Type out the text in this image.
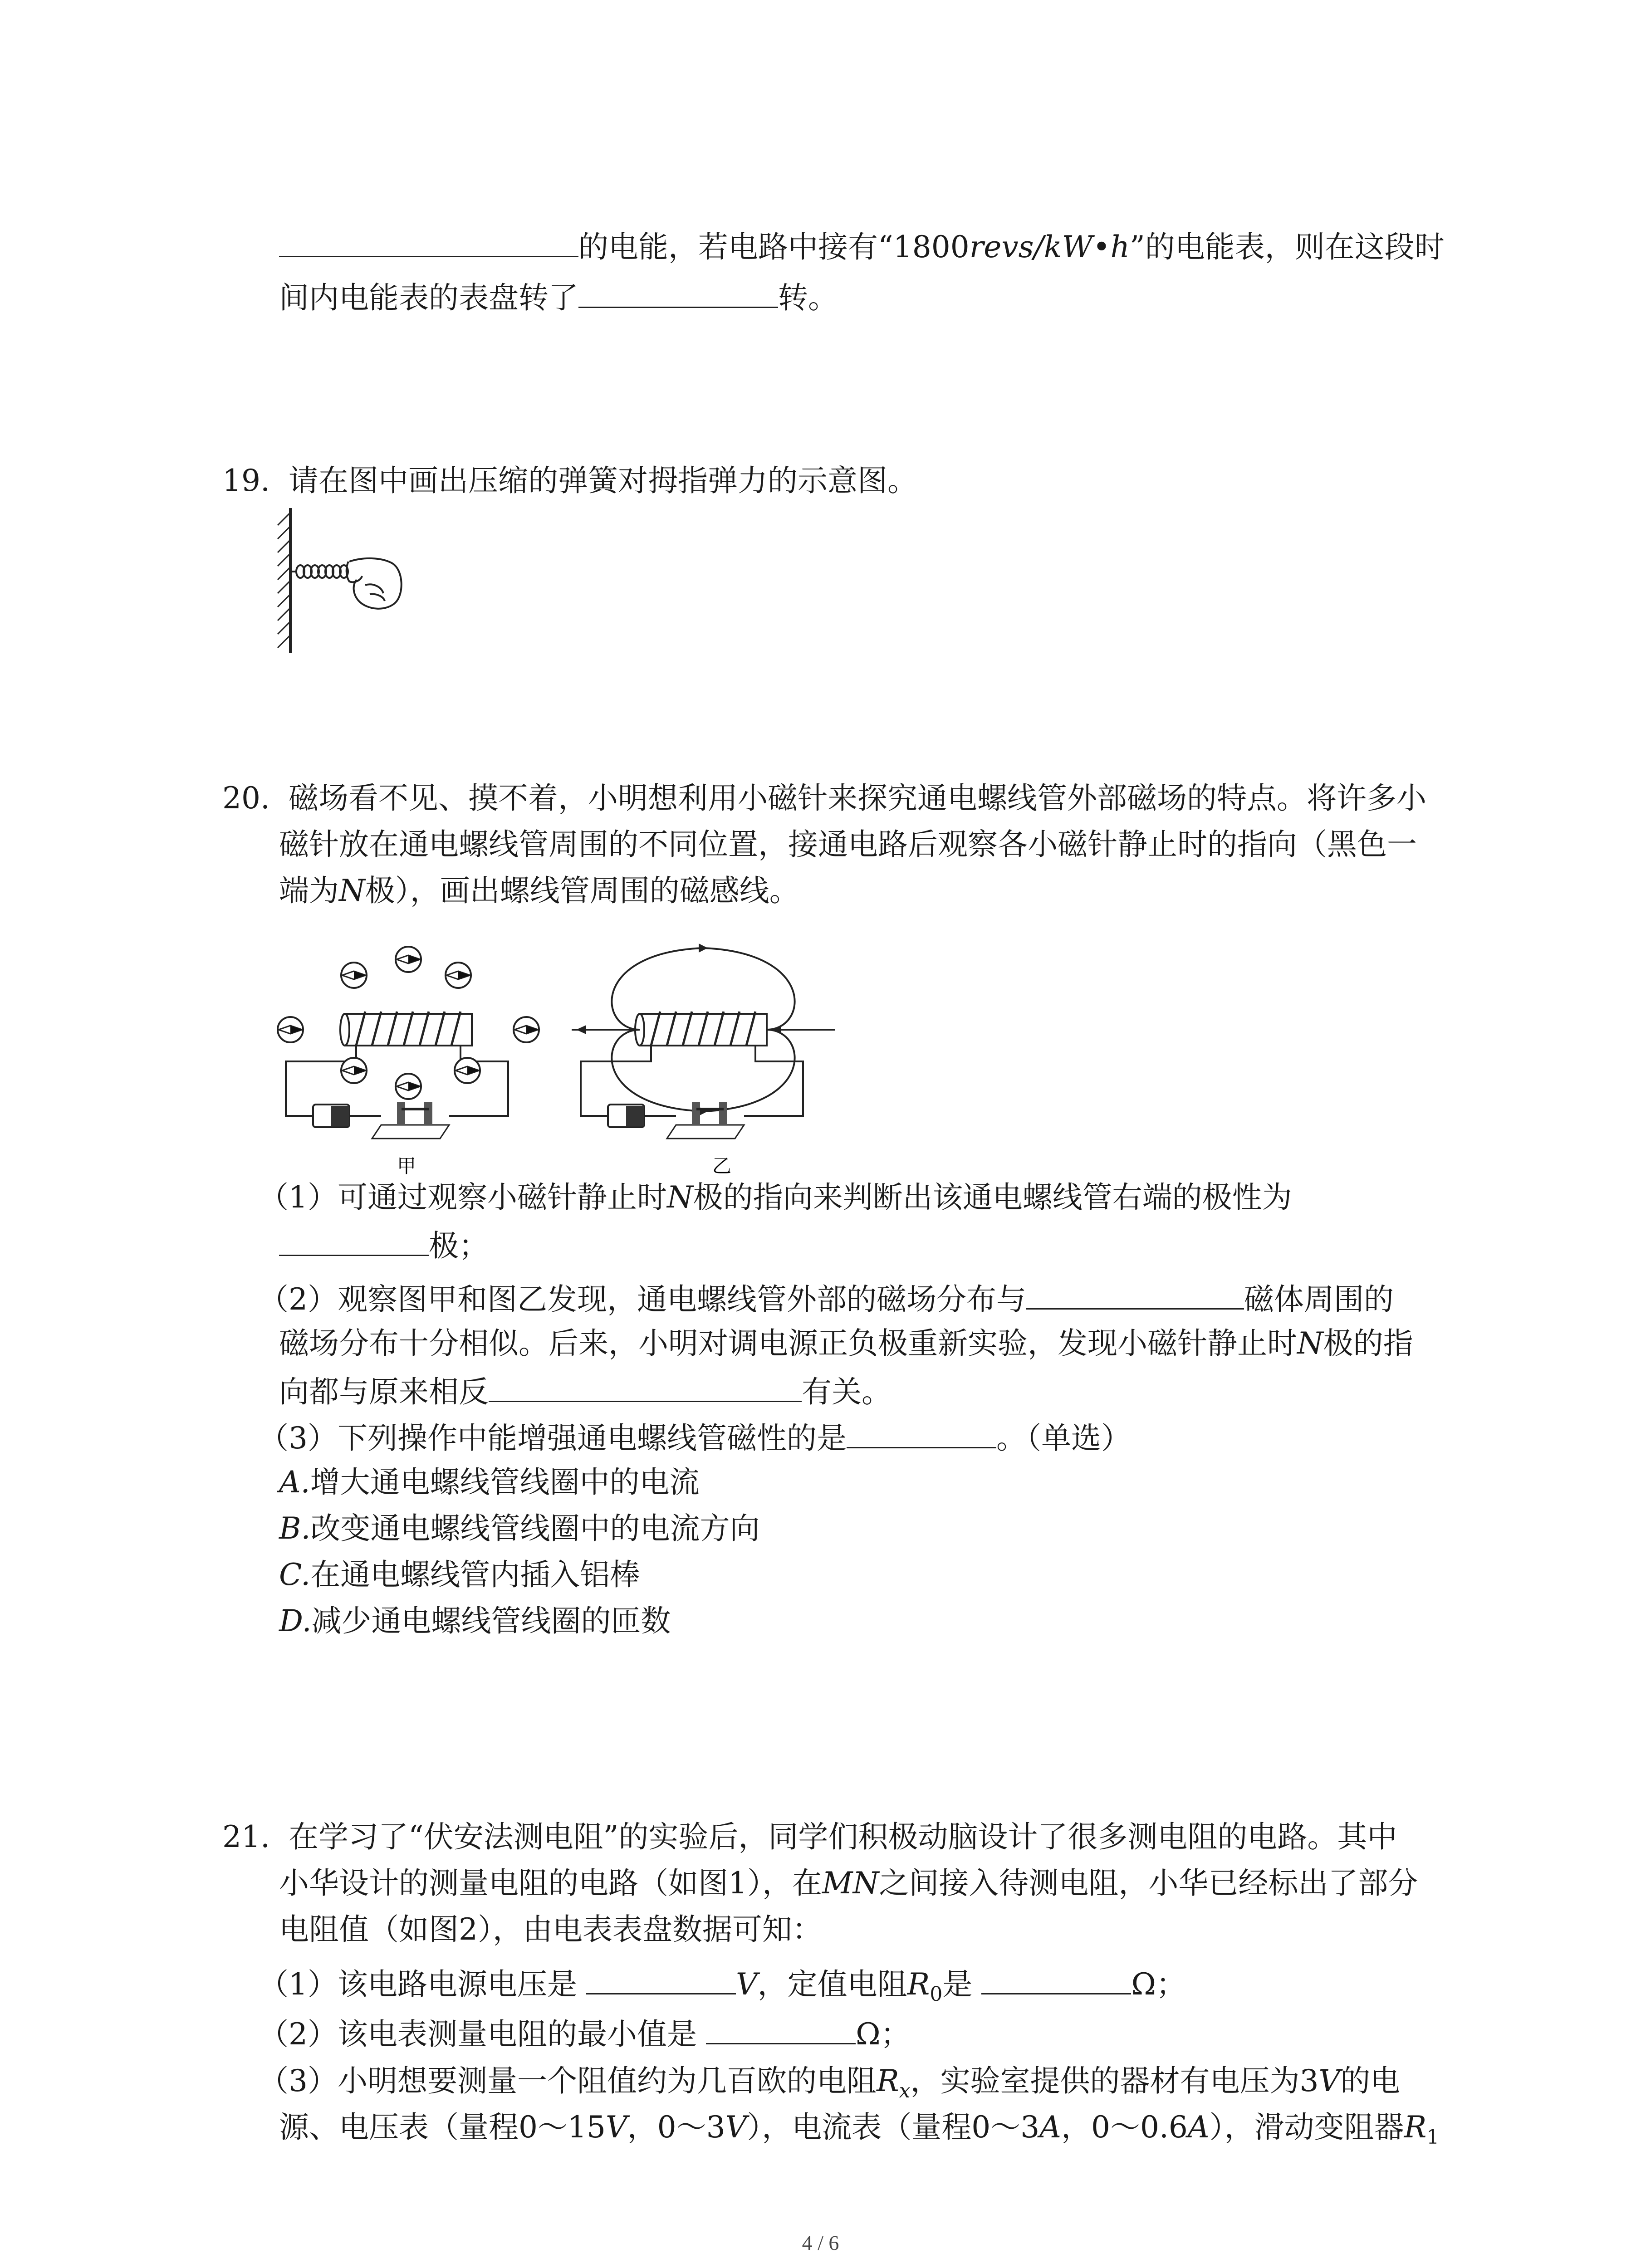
的电能，若电路中接有“1800revs/kW•h”的电能表，则在这段时
间内电能表的表盘转了	转。
19. 请在图中画出压缩的弹簧对拇指弹力的示意图。
20. 磁场看不见、摸不着，小明想利用小磁针来探究通电螺线管外部磁场的特点。将许多小
磁针放在通电螺线管周围的不同位置，接通电路后观察各小磁针静止时的指向（黑色一
端为N极），画出螺线管周围的磁感线。
甲	乙
（1）可通过观察小磁针静止时N极的指向来判断出该通电螺线管右端的极性为
极；
（2）观察图甲和图乙发现，通电螺线管外部的磁场分布与	磁体周围的
磁场分布十分相似。后来，小明对调电源正负极重新实验，发现小磁针静止时N极的指
向都与原来相反	有关。
（3）下列操作中能增强通电螺线管磁性的是	。（单选）
A.增大通电螺线管线圈中的电流
B.改变通电螺线管线圈中的电流方向
C.在通电螺线管内插入铝棒
D.减少通电螺线管线圈的匝数
21. 在学习了“伏安法测电阻”的实验后，同学们积极动脑设计了很多测电阻的电路。其中
小华设计的测量电阻的电路（如图1），在MN之间接入待测电阻，小华已经标出了部分
电阻值（如图2），由电表表盘数据可知：
（1）该电路电源电压是	V，定值电阻$R_0$是	Ω；
（2）该电表测量电阻的最小值是	Ω；
（3）小明想要测量一个阻值约为几百欧的电阻$R_x$，实验室提供的器材有电压为3V的电
源、电压表（量程0～15V，0～3V），电流表（量程0～3A，0～0.6A），滑动变阻器$R_1$
4 / 6
